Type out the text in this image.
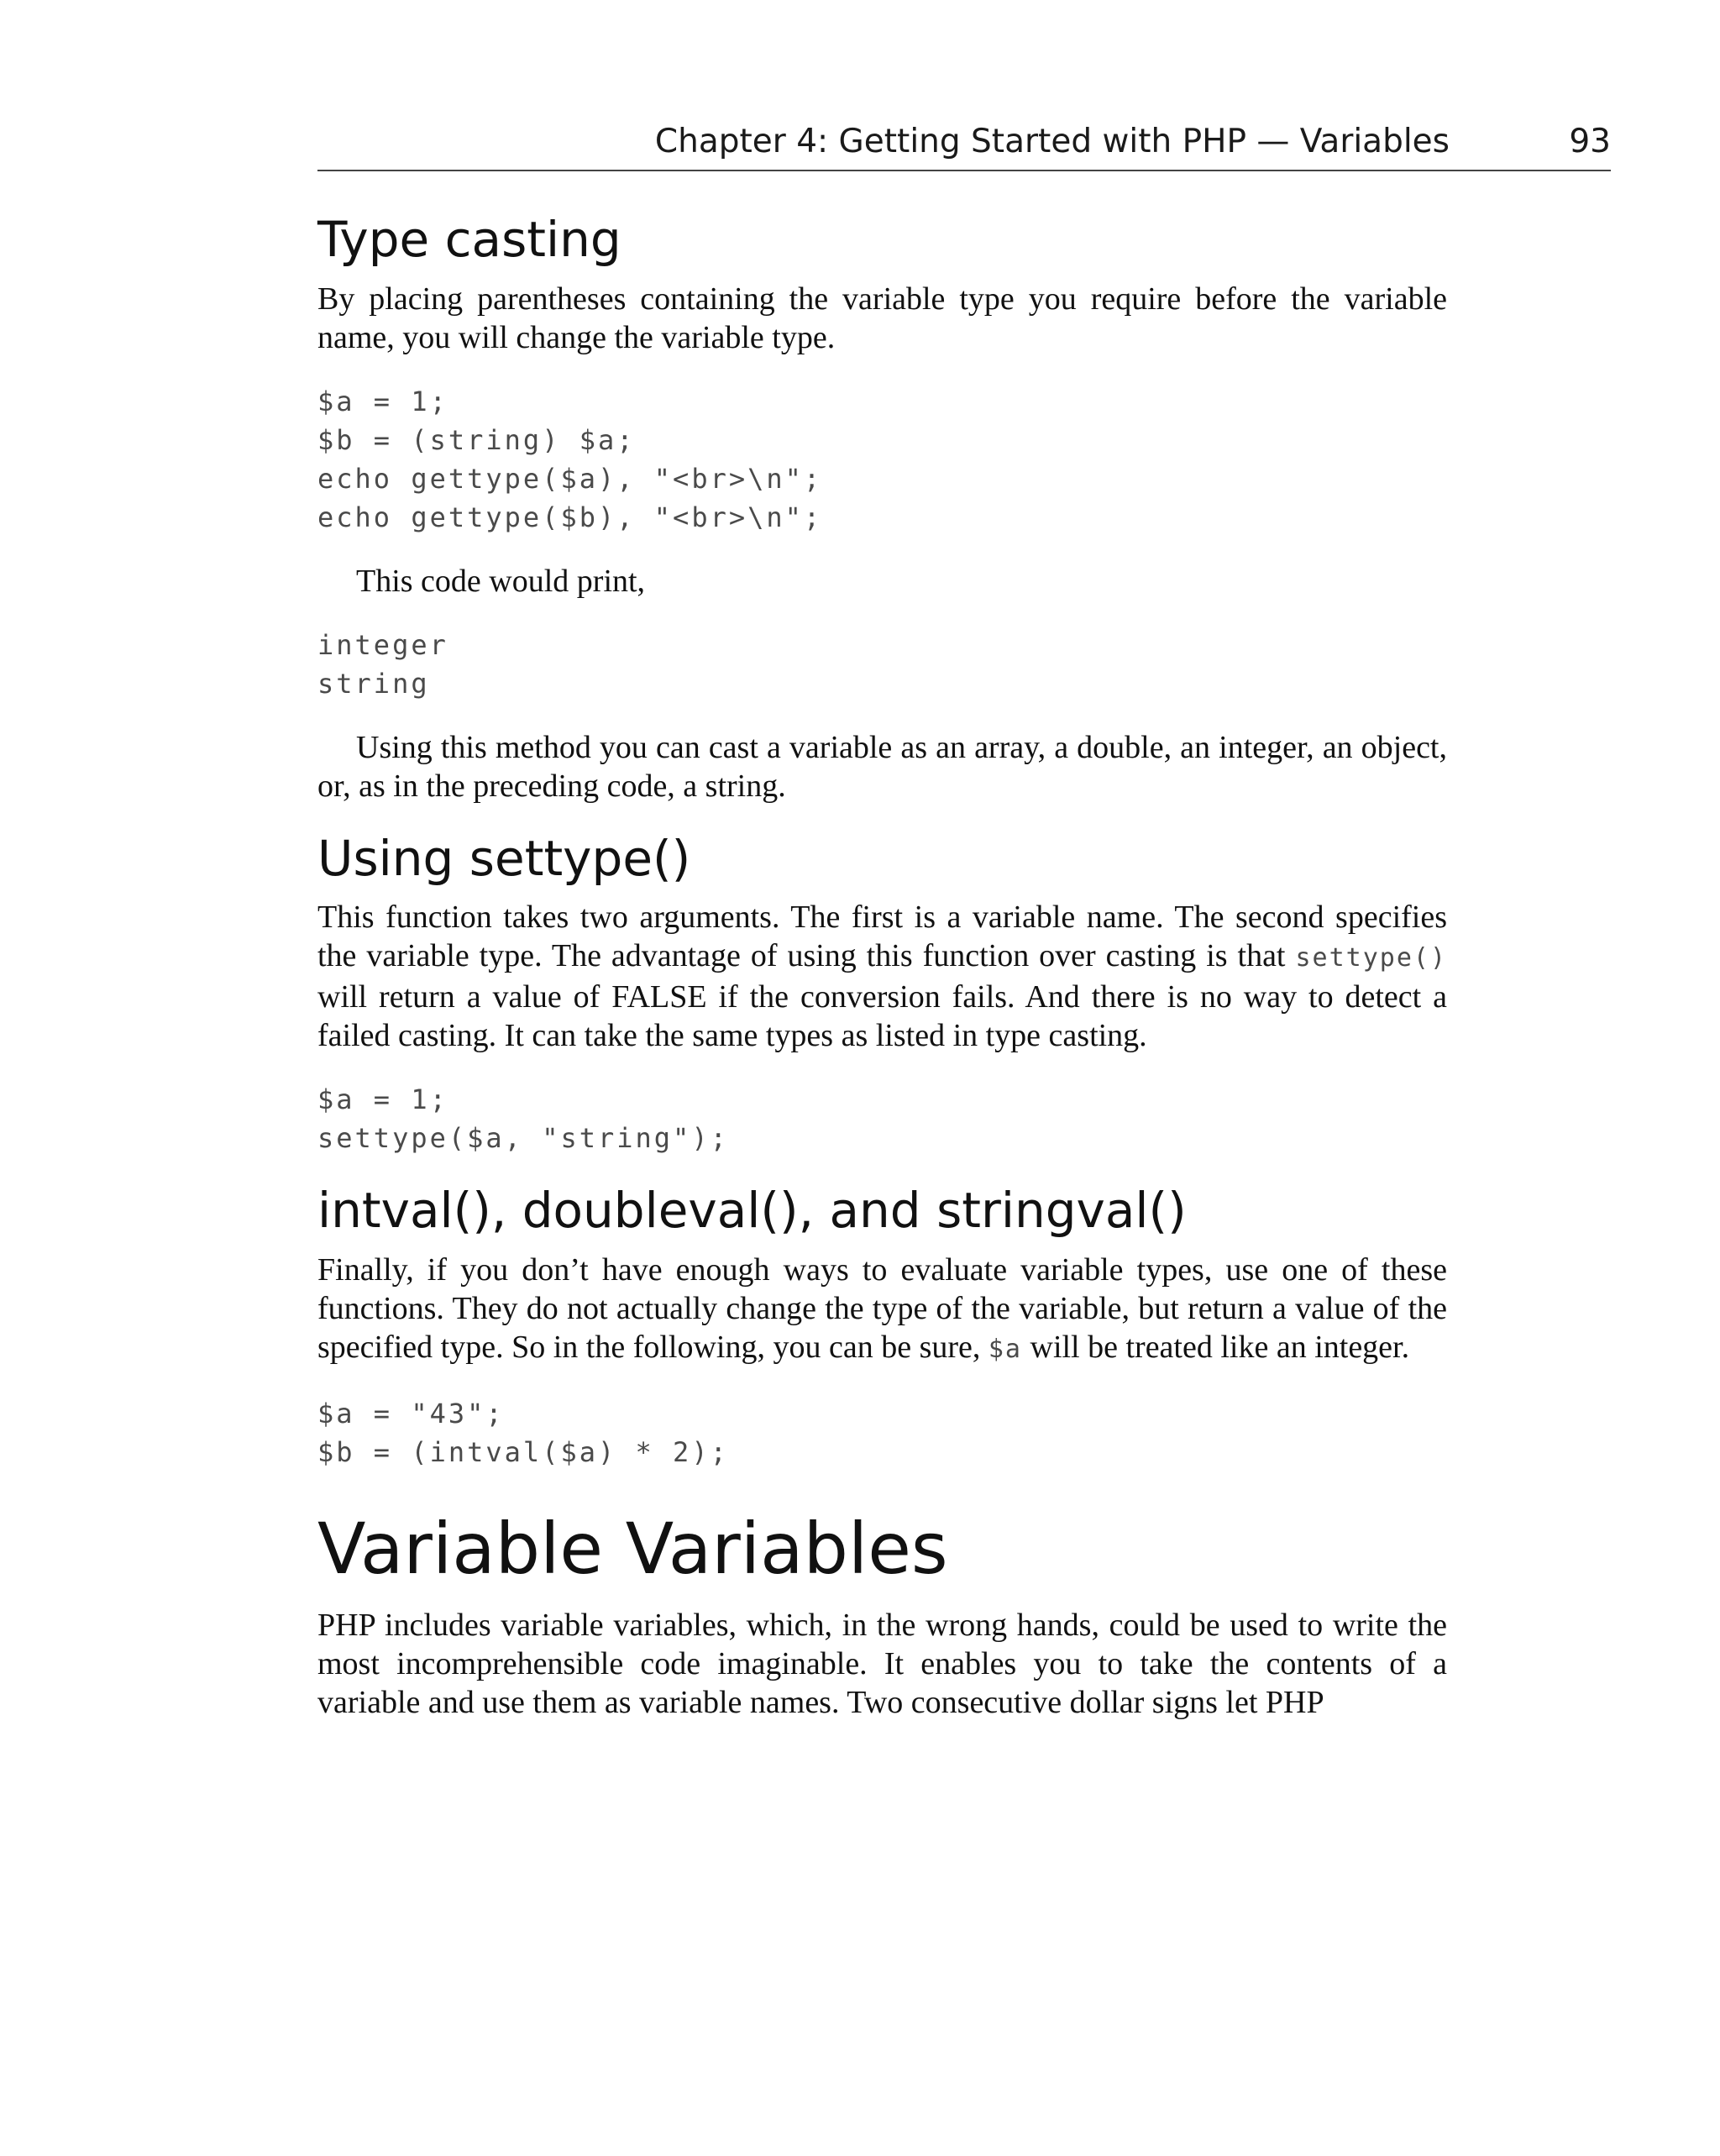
Chapter 4: Getting Started with PHP — Variables	93
Type casting

By placing parentheses containing the variable type you require before the variable name, you will change the variable type.

$a = 1;
$b = (string) $a;
echo gettype($a), "<br>\n";
echo gettype($b), "<br>\n";

This code would print,

integer
string

Using this method you can cast a variable as an array, a double, an integer, an object, or, as in the preceding code, a string.

Using settype()

This function takes two arguments. The first is a variable name. The second specifies the variable type. The advantage of using this function over casting is that settype() will return a value of FALSE if the conversion fails. And there is no way to detect a failed casting. It can take the same types as listed in type casting.

$a = 1;
settype($a, "string");
intval(), doubleval(), and stringval()

Finally, if you don’t have enough ways to evaluate variable types, use one of these functions. They do not actually change the type of the variable, but return a value of the specified type. So in the following, you can be sure, $a will be treated like an integer.

$a = "43";
$b = (intval($a) * 2);
Variable Variables

PHP includes variable variables, which, in the wrong hands, could be used to write the most incomprehensible code imaginable. It enables you to take the contents of a variable and use them as variable names. Two consecutive dollar signs let PHP
